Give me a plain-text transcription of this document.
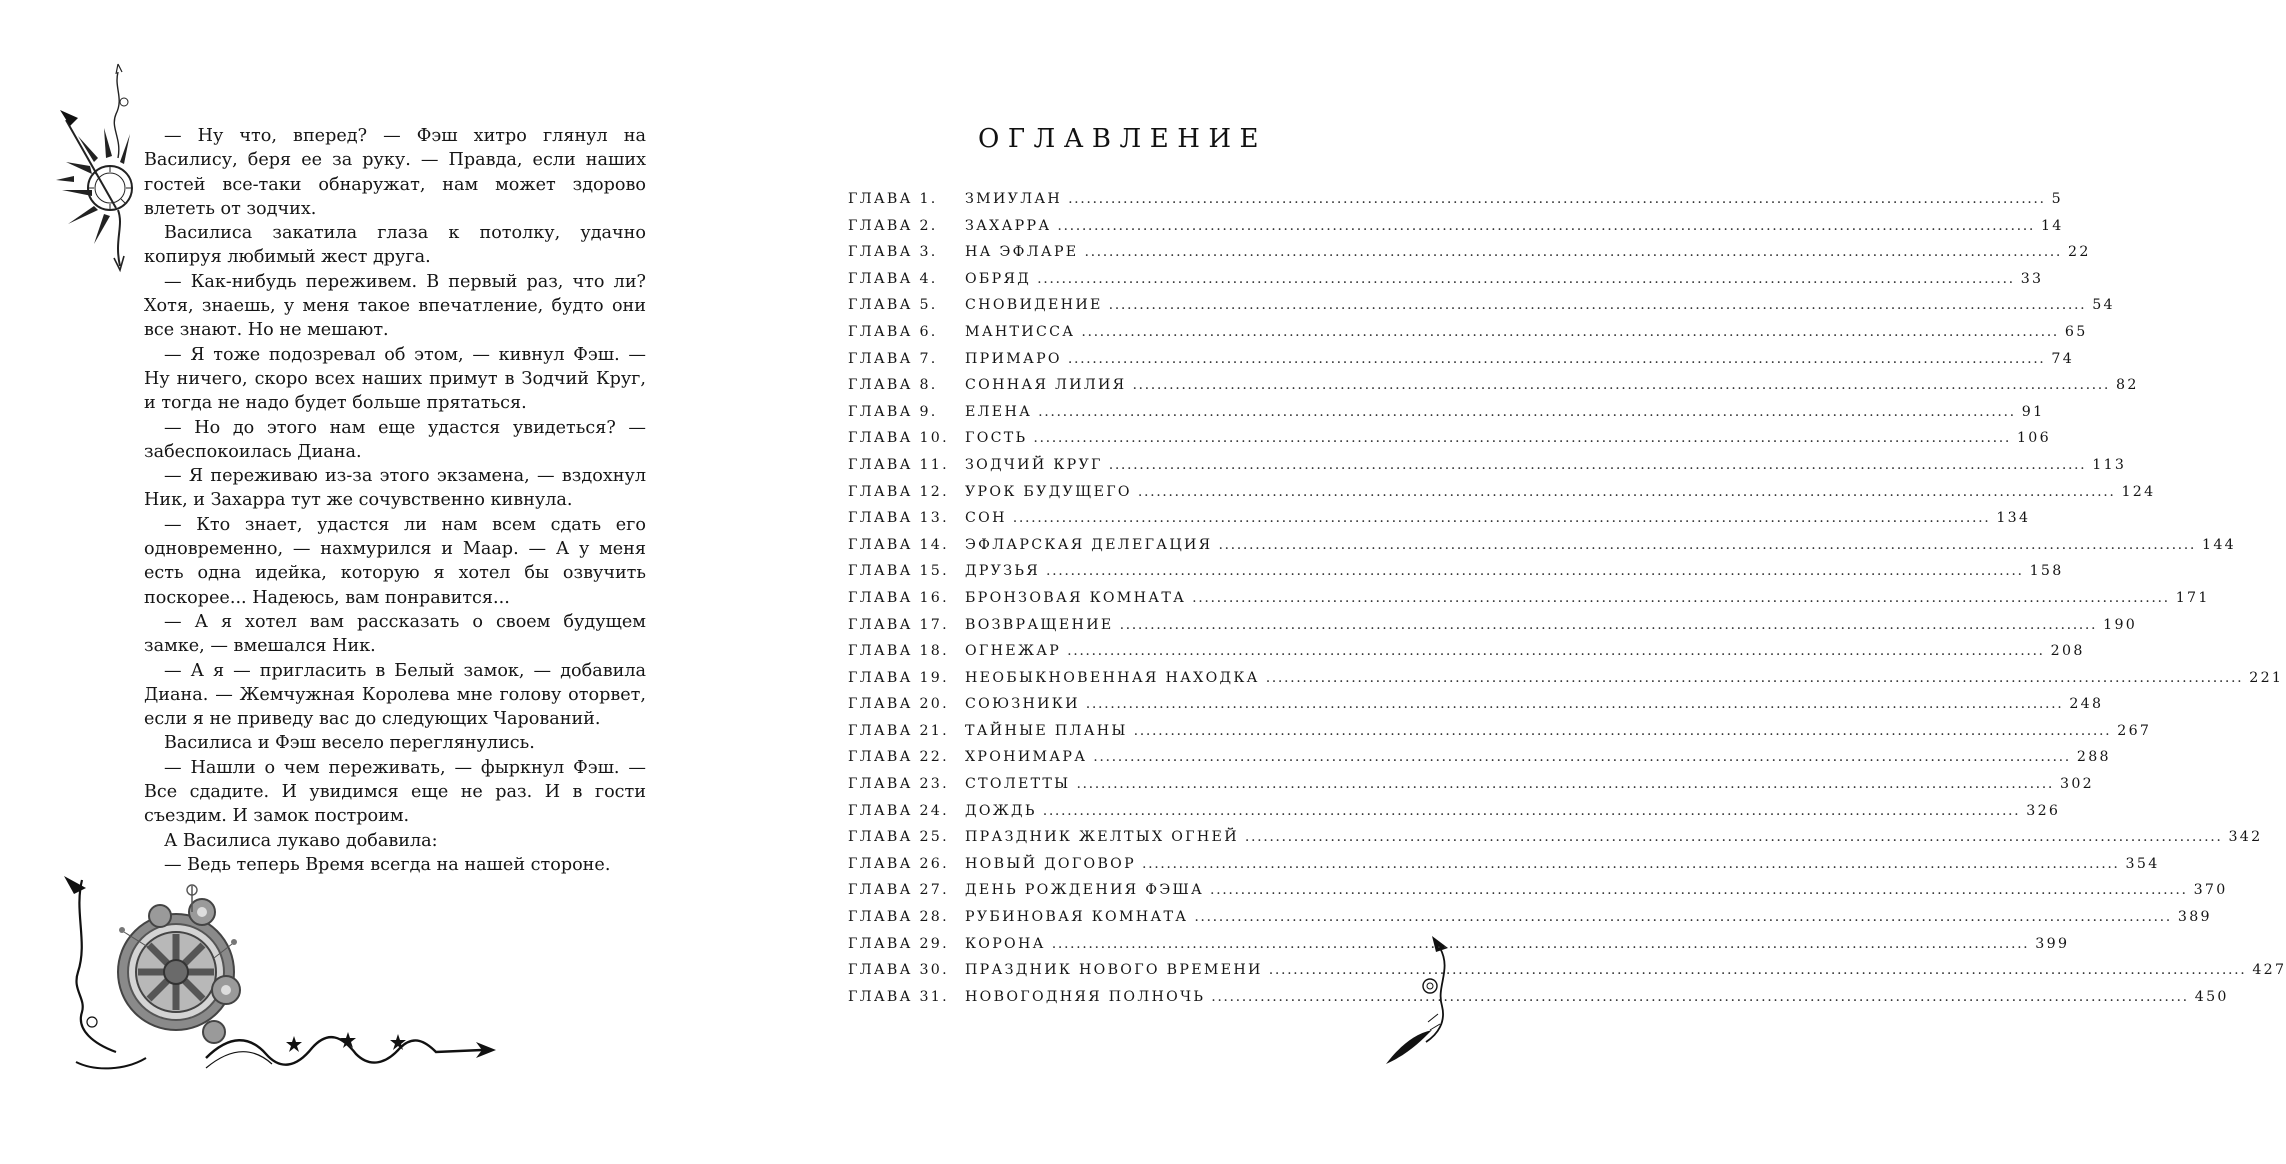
— Ну что, вперед? — Фэш хитро глянул на Василису, беря ее за руку. — Правда, если наших гостей все-таки обнаружат, нам может здорово влететь от зодчих.

Василиса закатила глаза к потолку, удачно копируя любимый жест друга.

— Как-нибудь переживем. В первый раз, что ли? Хотя, знаешь, у меня такое впечатление, будто они все знают. Но не мешают.

— Я тоже подозревал об этом, — кивнул Фэш. — Ну ничего, скоро всех наших примут в Зодчий Круг, и тогда не надо будет больше прятаться.

— Но до этого нам еще удастся увидеться? — забеспокоилась Диана.

— Я переживаю из-за этого экзамена, — вздохнул Ник, и Захарра тут же сочувственно кивнула.

— Кто знает, удастся ли нам всем сдать его одновременно, — нахмурился и Маар. — А у меня есть одна идейка, которую я хотел бы озвучить поскорее... Надеюсь, вам понравится...

— А я хотел вам рассказать о своем будущем замке, — вмешался Ник.

— А я — пригласить в Белый замок, — добавила Диана. — Жемчужная Королева мне голову оторвет, если я не приведу вас до следующих Чарований.

Василиса и Фэш весело переглянулись.

— Нашли о чем переживать, — фыркнул Фэш. — Все сдадите. И увидимся еще не раз. И в гости съездим. И замок построим.

А Василиса лукаво добавила:

— Ведь теперь Время всегда на нашей стороне.

ОГЛАВЛЕНИЕ
ГЛАВА 1. ЗМИУЛАН ................................................................................................................................................................ 5
ГЛАВА 2. ЗАХАРРА ................................................................................................................................................................ 14
ГЛАВА 3. НА ЭФЛАРЕ ................................................................................................................................................................ 22
ГЛАВА 4. ОБРЯД ................................................................................................................................................................ 33
ГЛАВА 5. СНОВИДЕНИЕ ................................................................................................................................................................ 54
ГЛАВА 6. МАНТИССА ................................................................................................................................................................ 65
ГЛАВА 7. ПРИМАРО ................................................................................................................................................................ 74
ГЛАВА 8. СОННАЯ ЛИЛИЯ ................................................................................................................................................................ 82
ГЛАВА 9. ЕЛЕНА ................................................................................................................................................................ 91
ГЛАВА 10. ГОСТЬ ................................................................................................................................................................ 106
ГЛАВА 11. ЗОДЧИЙ КРУГ ................................................................................................................................................................ 113
ГЛАВА 12. УРОК БУДУЩЕГО ................................................................................................................................................................ 124
ГЛАВА 13. СОН ................................................................................................................................................................ 134
ГЛАВА 14. ЭФЛАРСКАЯ ДЕЛЕГАЦИЯ ................................................................................................................................................................ 144
ГЛАВА 15. ДРУЗЬЯ ................................................................................................................................................................ 158
ГЛАВА 16. БРОНЗОВАЯ КОМНАТА ................................................................................................................................................................ 171
ГЛАВА 17. ВОЗВРАЩЕНИЕ ................................................................................................................................................................ 190
ГЛАВА 18. ОГНЕЖАР ................................................................................................................................................................ 208
ГЛАВА 19. НЕОБЫКНОВЕННАЯ НАХОДКА ................................................................................................................................................................ 221
ГЛАВА 20. СОЮЗНИКИ ................................................................................................................................................................ 248
ГЛАВА 21. ТАЙНЫЕ ПЛАНЫ ................................................................................................................................................................ 267
ГЛАВА 22. ХРОНИМАРА ................................................................................................................................................................ 288
ГЛАВА 23. СТОЛЕТТЫ ................................................................................................................................................................ 302
ГЛАВА 24. ДОЖДЬ ................................................................................................................................................................ 326
ГЛАВА 25. ПРАЗДНИК ЖЕЛТЫХ ОГНЕЙ ................................................................................................................................................................ 342
ГЛАВА 26. НОВЫЙ ДОГОВОР ................................................................................................................................................................ 354
ГЛАВА 27. ДЕНЬ РОЖДЕНИЯ ФЭША ................................................................................................................................................................ 370
ГЛАВА 28. РУБИНОВАЯ КОМНАТА ................................................................................................................................................................ 389
ГЛАВА 29. КОРОНА ................................................................................................................................................................ 399
ГЛАВА 30. ПРАЗДНИК НОВОГО ВРЕМЕНИ ................................................................................................................................................................ 427
ГЛАВА 31. НОВОГОДНЯЯ ПОЛНОЧЬ ................................................................................................................................................................ 450
